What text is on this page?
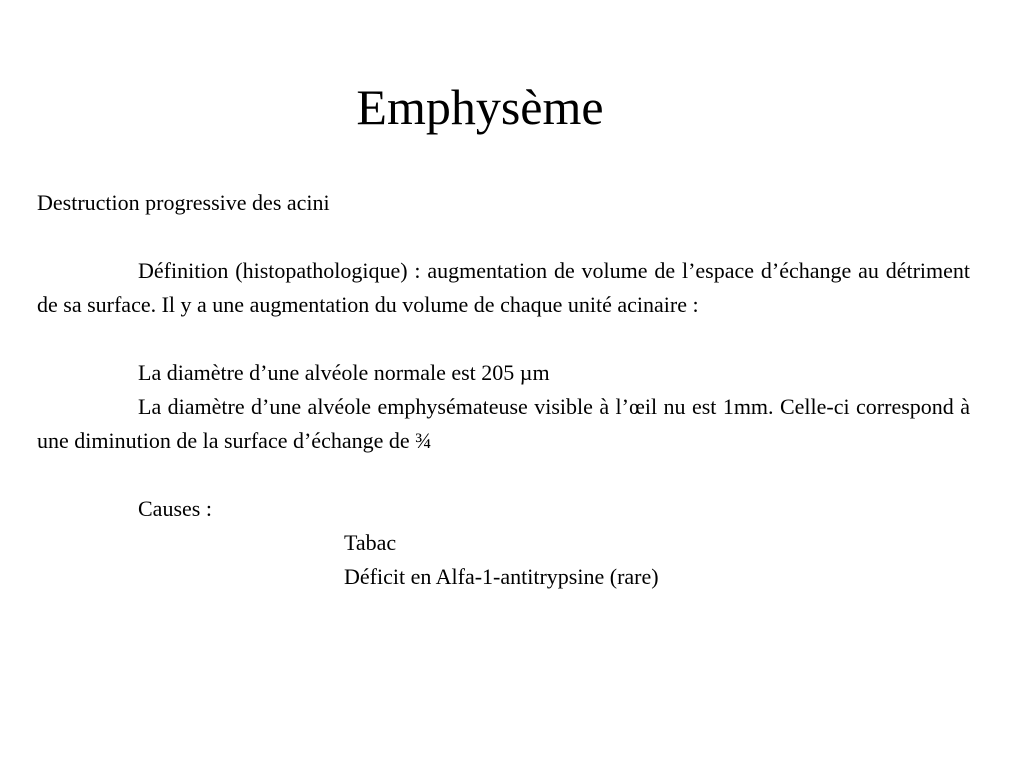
Emphysème

Destruction progressive des acini

Définition (histopathologique) : augmentation de volume de l’espace d’échange au détriment de sa surface. Il y a une augmentation du volume de chaque unité acinaire :

La diamètre d’une alvéole normale est 205 µm

La diamètre d’une alvéole emphysémateuse visible à l’œil nu est 1mm. Celle-ci correspond à une diminution de la surface d’échange de ¾

Causes :

Tabac

Déficit en Alfa-1-antitrypsine (rare)
